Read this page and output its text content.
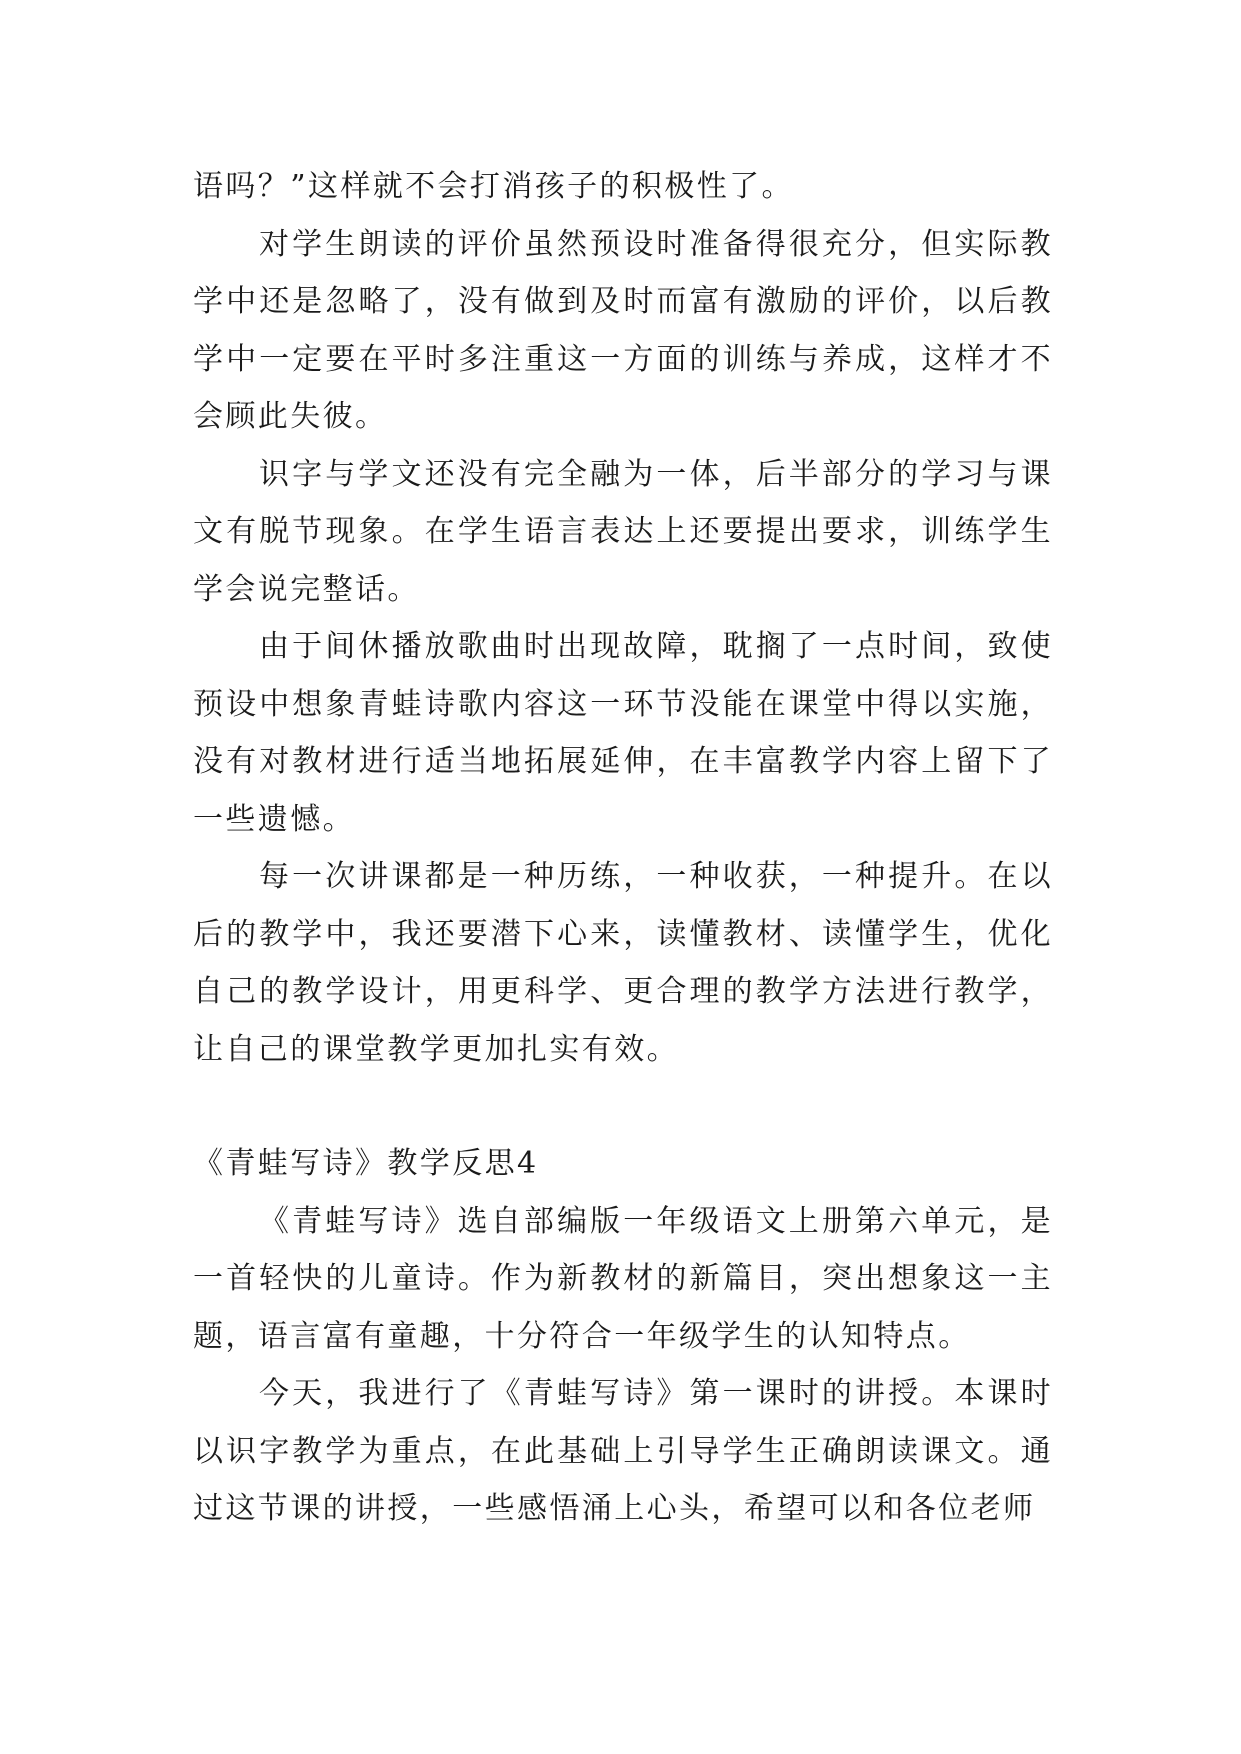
语吗？”这样就不会打消孩子的积极性了。

对学生朗读的评价虽然预设时准备得很充分，但实际教学中还是忽略了，没有做到及时而富有激励的评价，以后教学中一定要在平时多注重这一方面的训练与养成，这样才不会顾此失彼。

识字与学文还没有完全融为一体，后半部分的学习与课文有脱节现象。在学生语言表达上还要提出要求，训练学生学会说完整话。

由于间休播放歌曲时出现故障，耽搁了一点时间，致使预设中想象青蛙诗歌内容这一环节没能在课堂中得以实施，没有对教材进行适当地拓展延伸，在丰富教学内容上留下了一些遗憾。

每一次讲课都是一种历练，一种收获，一种提升。在以后的教学中，我还要潜下心来，读懂教材、读懂学生，优化自己的教学设计，用更科学、更合理的教学方法进行教学，让自己的课堂教学更加扎实有效。

《青蛙写诗》教学反思4

《青蛙写诗》选自部编版一年级语文上册第六单元，是一首轻快的儿童诗。作为新教材的新篇目，突出想象这一主题，语言富有童趣，十分符合一年级学生的认知特点。

今天，我进行了《青蛙写诗》第一课时的讲授。本课时以识字教学为重点，在此基础上引导学生正确朗读课文。通过这节课的讲授，一些感悟涌上心头，希望可以和各位老师
